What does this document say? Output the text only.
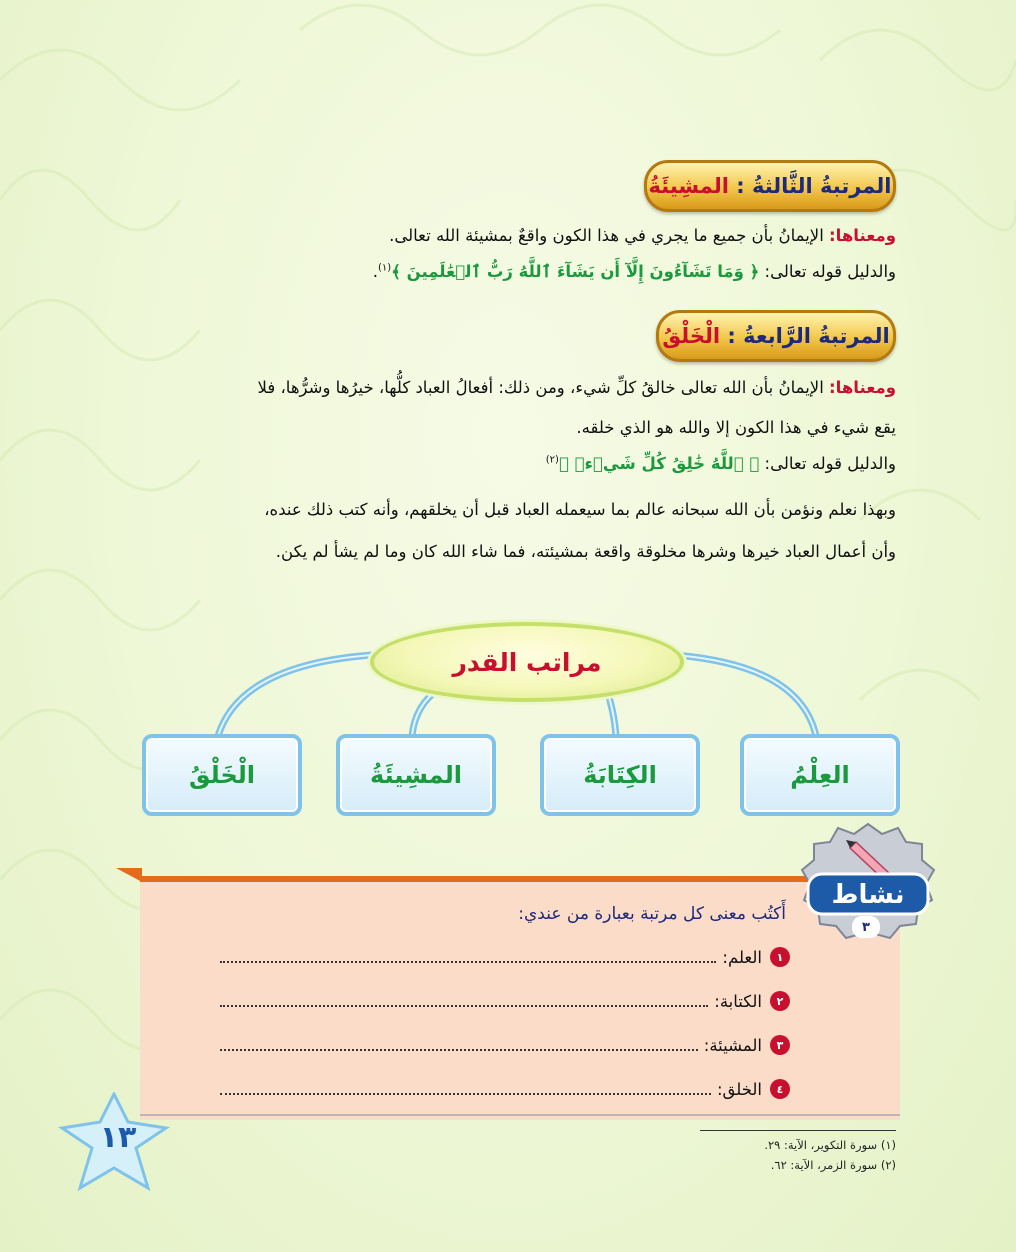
المرتبةُ الثَّالثةُ :

المشِيئَةُ
ومعناها: الإيمانُ بأن جميع ما يجري في هذا الكون واقعٌ بمشيئة الله تعالى.
والدليل قوله تعالى: ﴿ وَمَا تَشَآءُونَ إِلَّآ أَن يَشَآءَ ٱللَّهُ رَبُّ ٱلۡعَٰلَمِينَ ﴾$^{(١)}$.
المرتبةُ الرَّابعةُ :

الْخَلْقُ
ومعناها: الإيمانُ بأن الله تعالى خالقُ كلِّ شيء، ومن ذلك: أفعالُ العباد كلُّها، خيرُها وشرُّها، فلا
يقع شيء في هذا الكون إلا والله هو الذي خلقه.
والدليل قوله تعالى: ﴿ ٱللَّهُ خَٰلِقُ كُلِّ شَيۡءٖ ﴾$^{(٢)}$
وبهذا نعلم ونؤمن بأن الله سبحانه عالم بما سيعمله العباد قبل أن يخلقهم، وأنه كتب ذلك عنده،
وأن أعمال العباد خيرها وشرها مخلوقة واقعة بمشيئته، فما شاء الله كان وما لم يشأ لم يكن.
مراتب القدر
العِلْمُ
الكِتَابَةُ
المشِيئَةُ
الْخَلْقُ
نشاط
٣
أَكتُب معنى كل مرتبة بعبارة من عندي:
١
العلم:
٢
الكتابة:
٣
المشيئة:
٤
الخلق:
(١) سورة التكوير، الآية: ٢٩.
(٢) سورة الزمر، الآية: ٦٢.
١٣
